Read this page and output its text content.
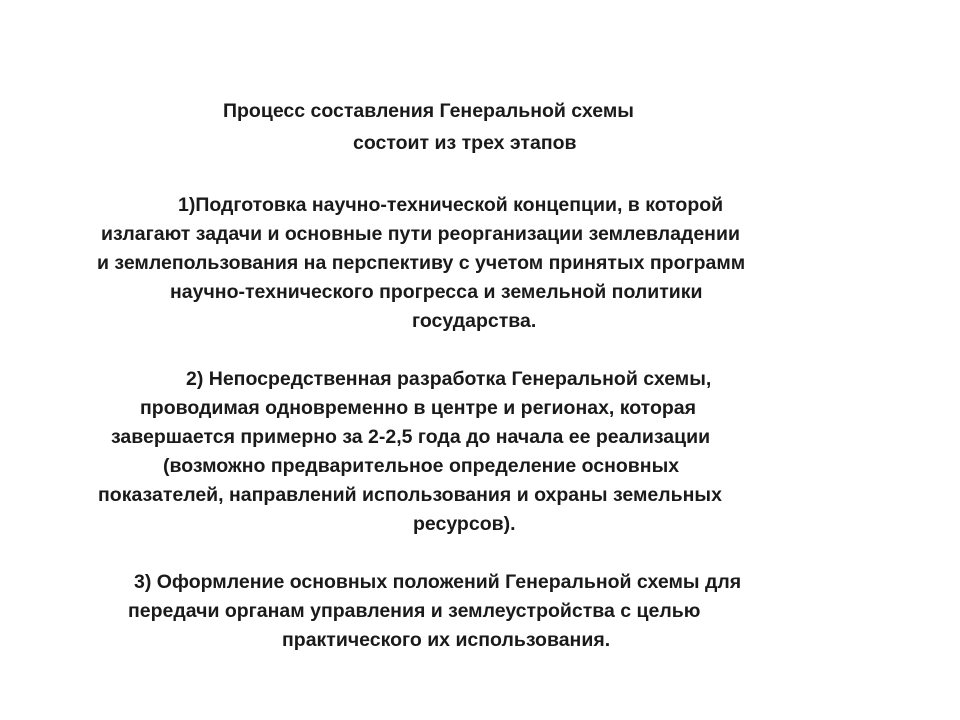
Процесс составления Генеральной схемы

состоит из трех этапов

1)Подготовка научно-технической концепции, в которой

излагают задачи и основные пути реорганизации землевладении

и землепользования на перспективу с учетом принятых программ

научно-технического прогресса и земельной политики

государства.

2) Непосредственная разработка Генеральной схемы,

проводимая одновременно в центре и регионах, которая

завершается примерно за 2-2,5 года до начала ее реализации

(возможно предварительное определение основных

показателей, направлений использования и охраны земельных

ресурсов).

3) Оформление основных положений Генеральной схемы для

передачи органам управления и землеустройства с целью

практического их использования.
